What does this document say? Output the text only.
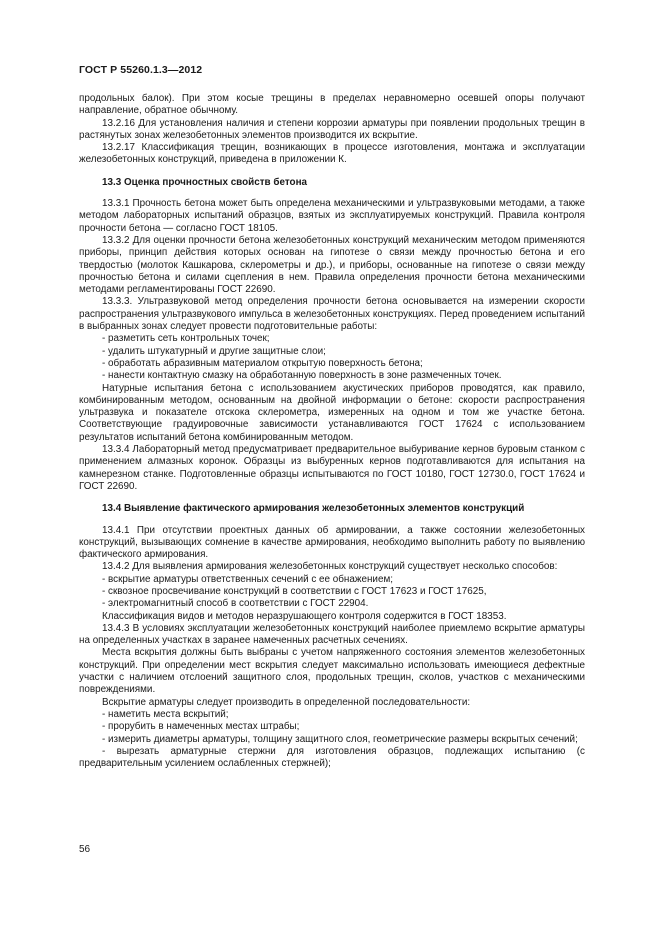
ГОСТ Р 55260.1.3—2012

продольных балок). При этом косые трещины в пределах неравномерно осевшей опоры получают направление, обратное обычному.

13.2.16 Для установления наличия и степени коррозии арматуры при появлении продольных трещин в растянутых зонах железобетонных элементов производится их вскрытие.

13.2.17 Классификация трещин, возникающих в процессе изготовления, монтажа и эксплуатации железобетонных конструкций, приведена в приложении К.

13.3 Оценка прочностных свойств бетона

13.3.1 Прочность бетона может быть определена механическими и ультразвуковыми методами, а также методом лабораторных испытаний образцов, взятых из эксплуатируемых конструкций. Правила контроля прочности бетона — согласно ГОСТ 18105.

13.3.2 Для оценки прочности бетона железобетонных конструкций механическим методом применяются приборы, принцип действия которых основан на гипотезе о связи между прочностью бетона и его твердостью (молоток Кашкарова, склерометры и др.), и приборы, основанные на гипотезе о связи между прочностью бетона и силами сцепления в нем. Правила определения прочности бетона механическими методами регламентированы ГОСТ 22690.

13.3.3. Ультразвуковой метод определения прочности бетона основывается на измерении скорости распространения ультразвукового импульса в железобетонных конструкциях. Перед проведением испытаний в выбранных зонах следует провести подготовительные работы:

- разметить сеть контрольных точек;

- удалить штукатурный и другие защитные слои;

- обработать абразивным материалом открытую поверхность бетона;

- нанести контактную смазку на обработанную поверхность в зоне размеченных точек.

Натурные испытания бетона с использованием акустических приборов проводятся, как правило, комбинированным методом, основанным на двойной информации о бетоне: скорости распространения ультразвука и показателе отскока склерометра, измеренных на одном и том же участке бетона. Соответствующие градуировочные зависимости устанавливаются ГОСТ 17624 с использованием результатов испытаний бетона комбинированным методом.

13.3.4 Лабораторный метод предусматривает предварительное выбуривание кернов буровым станком с применением алмазных коронок. Образцы из выбуренных кернов подготавливаются для испытания на камнерезном станке. Подготовленные образцы испытываются по ГОСТ 10180, ГОСТ 12730.0, ГОСТ 17624 и ГОСТ 22690.

13.4 Выявление фактического армирования железобетонных элементов конструкций

13.4.1 При отсутствии проектных данных об армировании, а также состоянии железобетонных конструкций, вызывающих сомнение в качестве армирования, необходимо выполнить работу по выявлению фактического армирования.

13.4.2 Для выявления армирования железобетонных конструкций существует несколько способов:

- вскрытие арматуры ответственных сечений с ее обнажением;

- сквозное просвечивание конструкций в соответствии с ГОСТ 17623 и ГОСТ 17625,

- электромагнитный способ в соответствии с ГОСТ 22904.

Классификация видов и методов неразрушающего контроля содержится в ГОСТ 18353.

13.4.3 В условиях эксплуатации железобетонных конструкций наиболее приемлемо вскрытие арматуры на определенных участках в заранее намеченных расчетных сечениях.

Места вскрытия должны быть выбраны с учетом напряженного состояния элементов железобетонных конструкций. При определении мест вскрытия следует максимально использовать имеющиеся дефектные участки с наличием отслоений защитного слоя, продольных трещин, сколов, участков с механическими повреждениями.

Вскрытие арматуры следует производить в определенной последовательности:

- наметить места вскрытий;

- прорубить в намеченных местах штрабы;

- измерить диаметры арматуры, толщину защитного слоя, геометрические размеры вскрытых сечений;

- вырезать арматурные стержни для изготовления образцов, подлежащих испытанию (с предварительным усилением ослабленных стержней);

56
